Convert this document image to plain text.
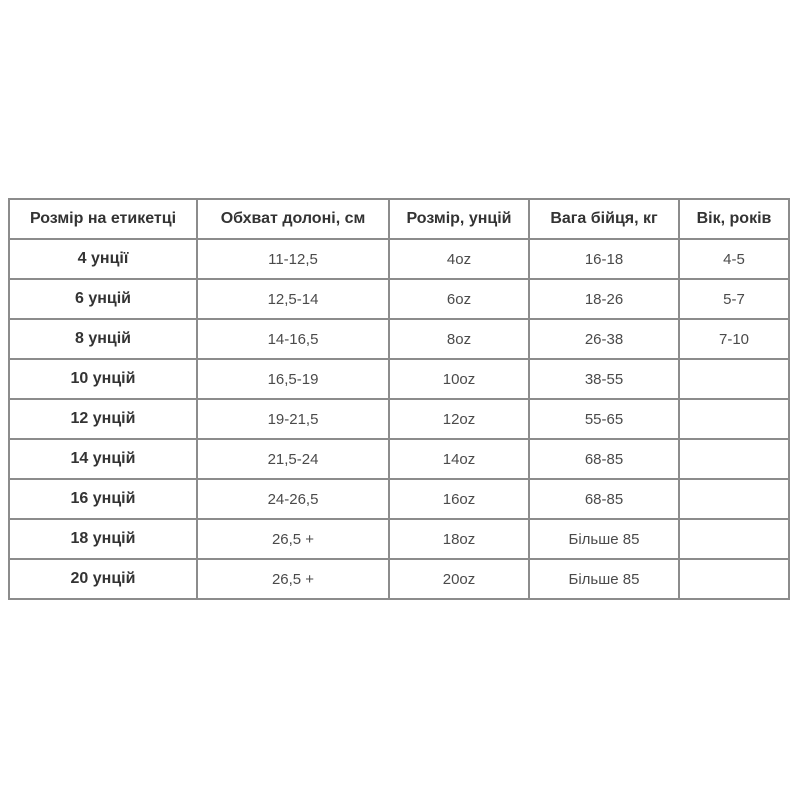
Розмір на етикетці	Обхват долоні, см	Розмір, унцій	Вага бійця, кг	Вік, років
4 унції	11-12,5	4oz	16-18	4-5
6 унцій	12,5-14	6oz	18-26	5-7
8 унцій	14-16,5	8oz	26-38	7-10
10 унцій	16,5-19	10oz	38-55	
12 унцій	19-21,5	12oz	55-65	
14 унцій	21,5-24	14oz	68-85	
16 унцій	24-26,5	16oz	68-85	
18 унцій	26,5 +	18oz	Більше 85	
20 унцій	26,5 +	20oz	Більше 85	
